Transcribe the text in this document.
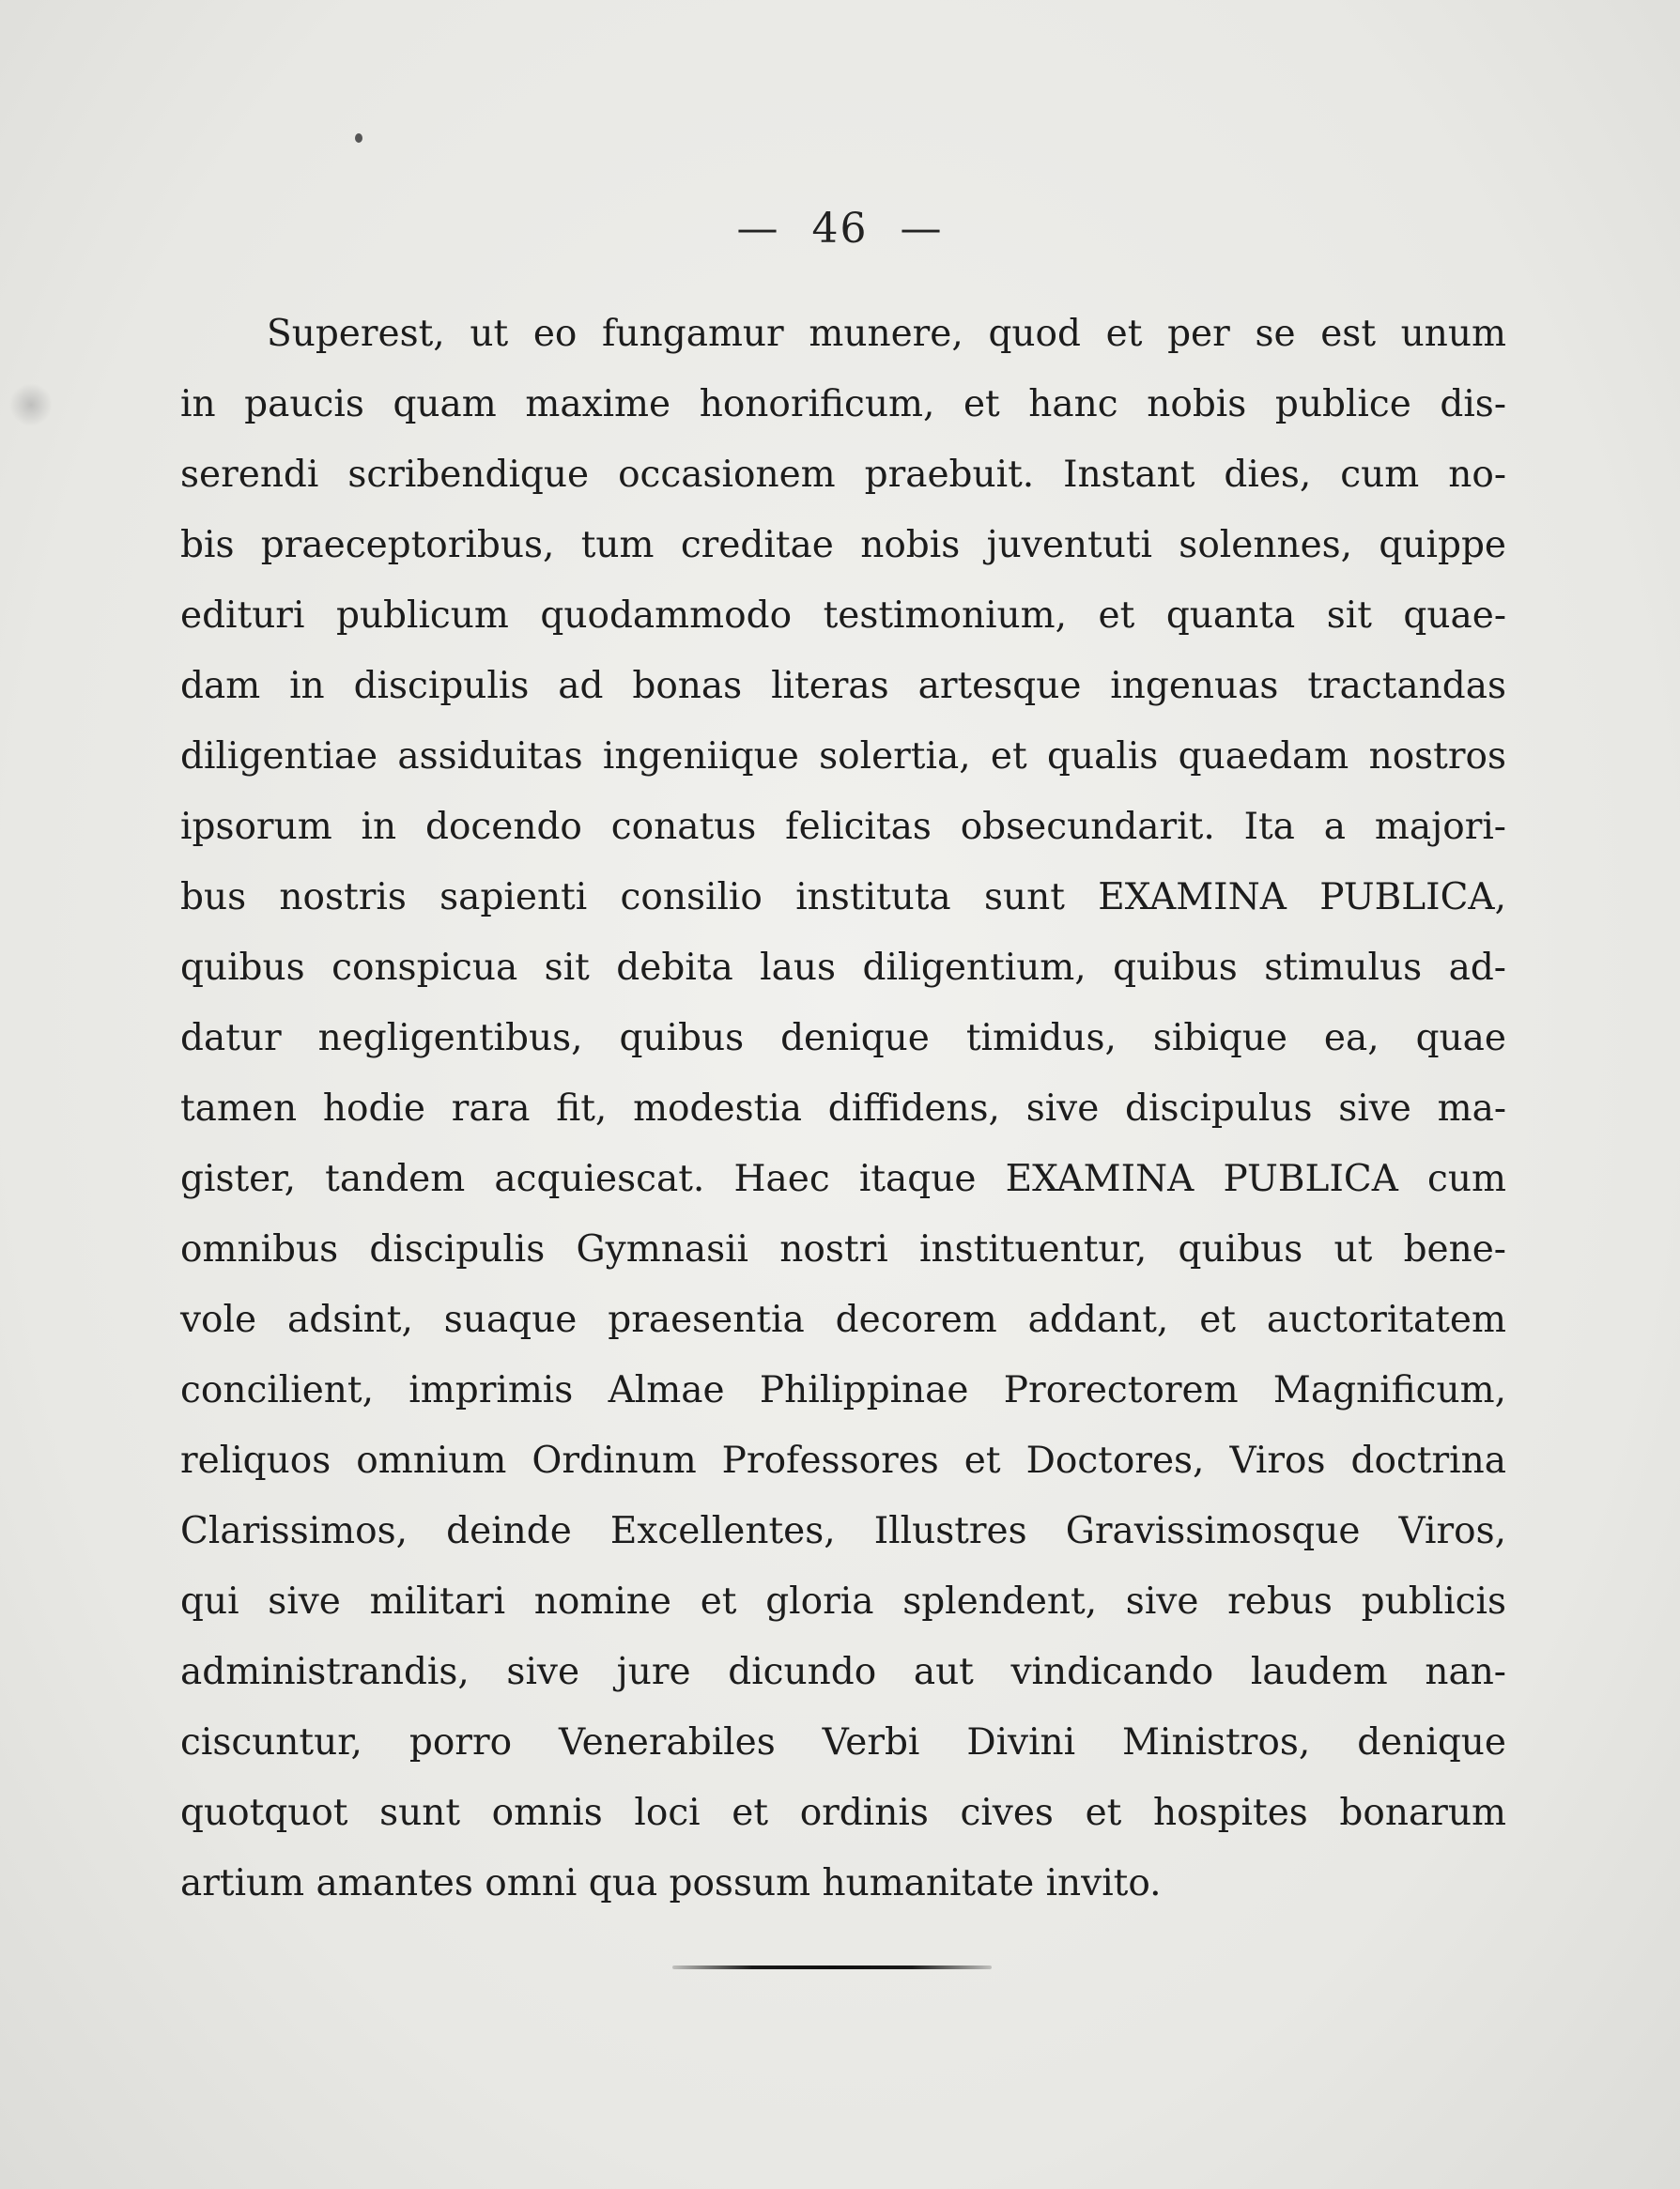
— 46 —
Superest, ut eo fungamur munere, quod et per se est unum
in paucis quam maxime honorificum, et hanc nobis publice dis-
serendi scribendique occasionem praebuit. Instant dies, cum no-
bis praeceptoribus, tum creditae nobis juventuti solennes, quippe
edituri publicum quodammodo testimonium, et quanta sit quae-
dam in discipulis ad bonas literas artesque ingenuas tractandas
diligentiae assiduitas ingeniique solertia, et qualis quaedam nostros
ipsorum in docendo conatus felicitas obsecundarit. Ita a majori-
bus nostris sapienti consilio instituta sunt EXAMINA PUBLICA,
quibus conspicua sit debita laus diligentium, quibus stimulus ad-
datur negligentibus, quibus denique timidus, sibique ea, quae
tamen hodie rara fit, modestia diffidens, sive discipulus sive ma-
gister, tandem acquiescat. Haec itaque EXAMINA PUBLICA cum
omnibus discipulis Gymnasii nostri instituentur, quibus ut bene-
vole adsint, suaque praesentia decorem addant, et auctoritatem
concilient, imprimis Almae Philippinae Prorectorem Magnificum,
reliquos omnium Ordinum Professores et Doctores, Viros doctrina
Clarissimos, deinde Excellentes, Illustres Gravissimosque Viros,
qui sive militari nomine et gloria splendent, sive rebus publicis
administrandis, sive jure dicundo aut vindicando laudem nan-
ciscuntur, porro Venerabiles Verbi Divini Ministros, denique
quotquot sunt omnis loci et ordinis cives et hospites bonarum
artium amantes omni qua possum humanitate invito.
